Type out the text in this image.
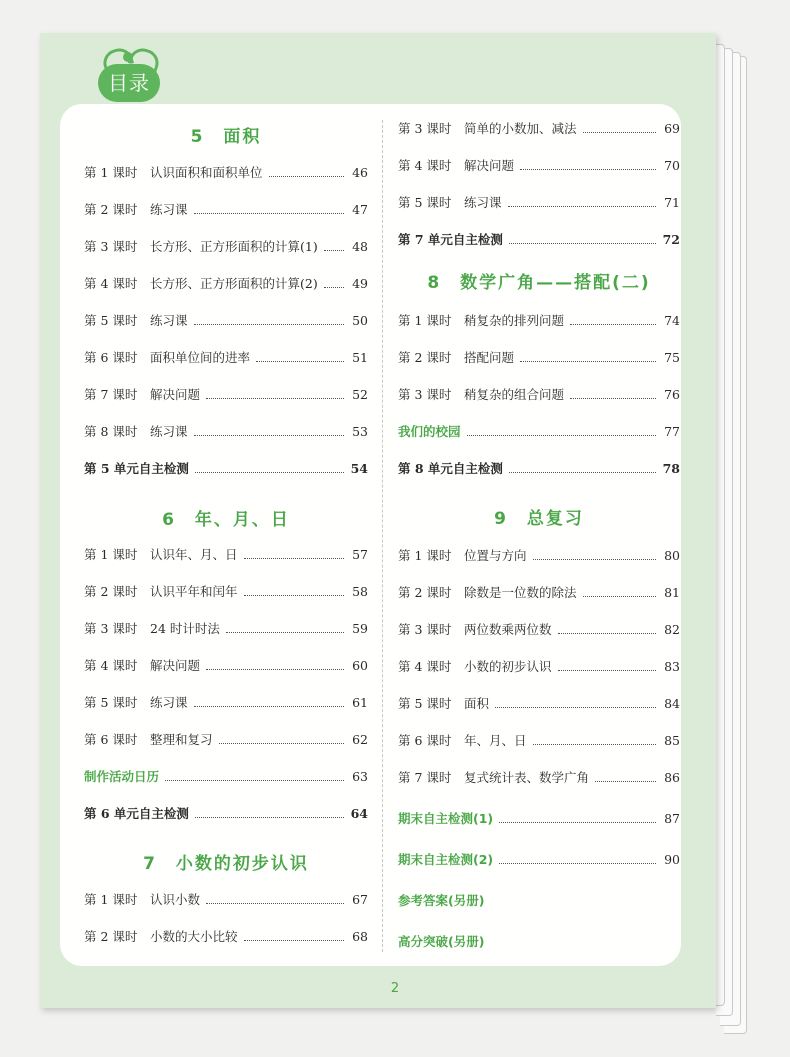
目录
5　面积
第 1 课时	认识面积和面积单位	46
第 2 课时	练习课	47
第 3 课时	长方形、正方形面积的计算(1)	48
第 4 课时	长方形、正方形面积的计算(2)	49
第 5 课时	练习课	50
第 6 课时	面积单位间的进率	51
第 7 课时	解决问题	52
第 8 课时	练习课	53
第 5 单元自主检测	54
6　年、月、日
第 1 课时	认识年、月、日	57
第 2 课时	认识平年和闰年	58
第 3 课时	24 时计时法	59
第 4 课时	解决问题	60
第 5 课时	练习课	61
第 6 课时	整理和复习	62
制作活动日历	63
第 6 单元自主检测	64
7　小数的初步认识
第 1 课时	认识小数	67
第 2 课时	小数的大小比较	68
第 3 课时	简单的小数加、减法	69
第 4 课时	解决问题	70
第 5 课时	练习课	71
第 7 单元自主检测	72
8　数学广角——搭配(二)
第 1 课时	稍复杂的排列问题	74
第 2 课时	搭配问题	75
第 3 课时	稍复杂的组合问题	76
我们的校园	77
第 8 单元自主检测	78
9　总复习
第 1 课时	位置与方向	80
第 2 课时	除数是一位数的除法	81
第 3 课时	两位数乘两位数	82
第 4 课时	小数的初步认识	83
第 5 课时	面积	84
第 6 课时	年、月、日	85
第 7 课时	复式统计表、数学广角	86
期末自主检测(1)	87
期末自主检测(2)	90
参考答案(另册)
高分突破(另册)
2
